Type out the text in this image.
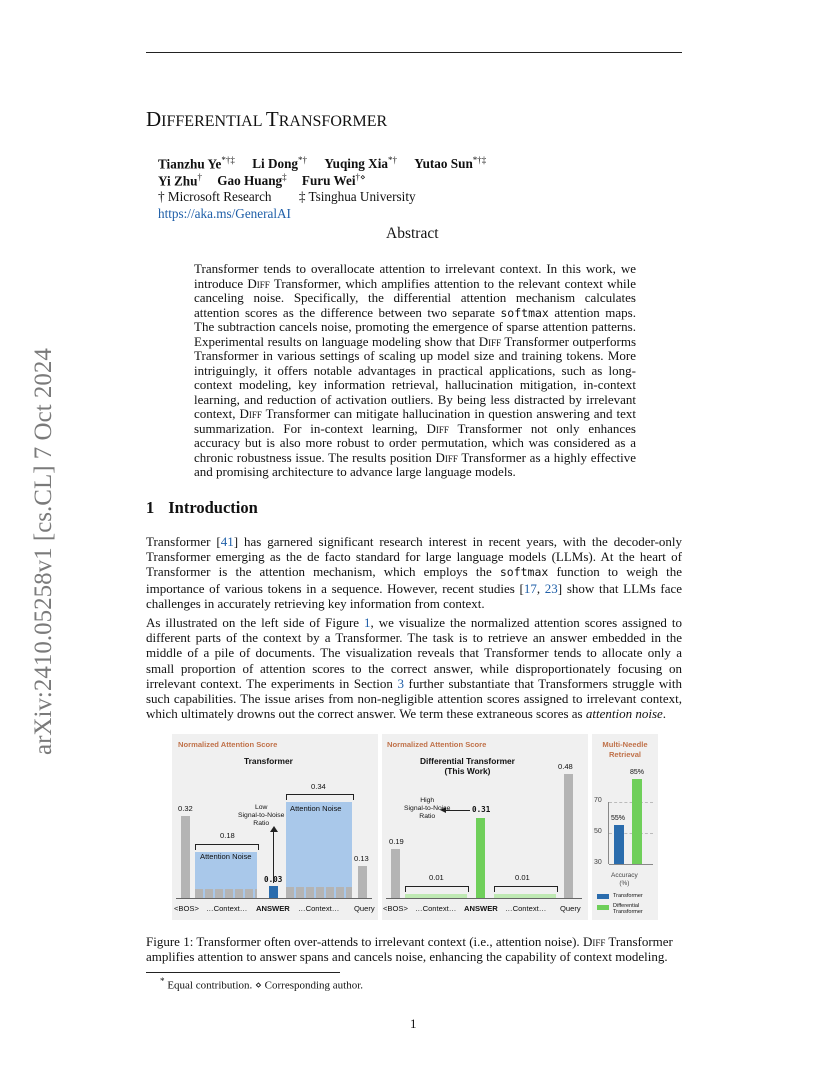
arXiv:2410.05258v1 [cs.CL] 7 Oct 2024
DIFFERENTIAL TRANSFORMER
Tianzhu Ye*†‡ Li Dong*† Yuqing Xia*† Yutao Sun*†‡
Yi Zhu† Gao Huang‡ Furu Wei†⋄
† Microsoft Research ‡ Tsinghua University
https://aka.ms/GeneralAI
Abstract
Transformer tends to overallocate attention to irrelevant context. In this work, we introduce Diff Transformer, which amplifies attention to the relevant context while canceling noise. Specifically, the differential attention mechanism calculates attention scores as the difference between two separate softmax attention maps. The subtraction cancels noise, promoting the emergence of sparse attention patterns. Experimental results on language modeling show that Diff Transformer outperforms Transformer in various settings of scaling up model size and training tokens. More intriguingly, it offers notable advantages in practical applications, such as long-context modeling, key information retrieval, hallucination mitigation, in-context learning, and reduction of activation outliers. By being less distracted by irrelevant context, Diff Transformer can mitigate hallucination in question answering and text summarization. For in-context learning, Diff Transformer not only enhances accuracy but is also more robust to order permutation, which was considered as a chronic robustness issue. The results position Diff Transformer as a highly effective and promising architecture to advance large language models.
1 Introduction
Transformer [41] has garnered significant research interest in recent years, with the decoder-only Transformer emerging as the de facto standard for large language models (LLMs). At the heart of Transformer is the attention mechanism, which employs the softmax function to weigh the importance of various tokens in a sequence. However, recent studies [17, 23] show that LLMs face challenges in accurately retrieving key information from context.
As illustrated on the left side of Figure 1, we visualize the normalized attention scores assigned to different parts of the context by a Transformer. The task is to retrieve an answer embedded in the middle of a pile of documents. The visualization reveals that Transformer tends to allocate only a small proportion of attention scores to the correct answer, while disproportionately focusing on irrelevant context. The experiments in Section 3 further substantiate that Transformers struggle with such capabilities. The issue arises from non-negligible attention scores assigned to irrelevant context, which ultimately drowns out the correct answer. We term these extraneous scores as attention noise.
Normalized Attention Score
Transformer
0.32
0.18
Attention Noise
0.03
Low
Signal-to-Noise
Ratio
0.34
Attention Noise
0.13
<BOS> …Context… ANSWER …Context… Query
Normalized Attention Score
Differential Transformer
(This Work)
0.19
0.01
High
Signal-to-Noise
Ratio
0.31
0.01
0.48
<BOS> …Context… ANSWER …Context… Query
Multi-Needle
Retrieval
70
50
30
55%
85%
Accuracy
(%)
Transformer
Differential
Transformer
Figure 1: Transformer often over-attends to irrelevant context (i.e., attention noise). Diff Transformer amplifies attention to answer spans and cancels noise, enhancing the capability of context modeling.
* Equal contribution. ⋄ Corresponding author.
1
